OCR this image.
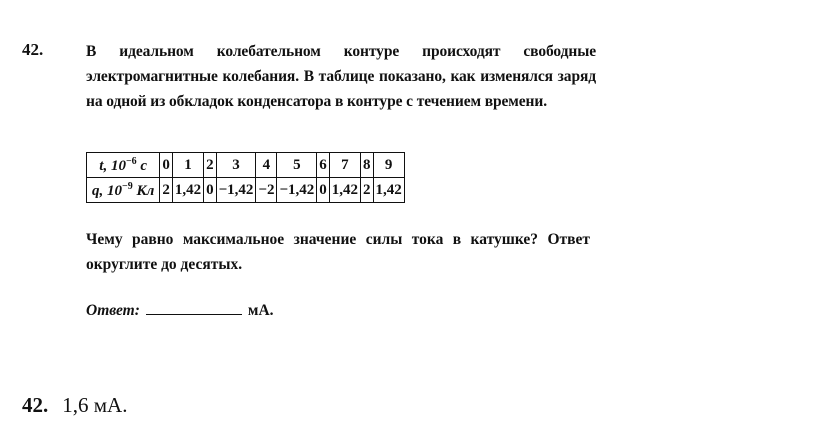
42.	В идеальном колебательном контуре происходят свободные электромагнитные колебания. В таблице показано, как изменялся заряд на одной из обкладок конденсатора в контуре с течением времени.
t, $10^{-6}$ с	0	1	2	3	4	5	6	7	8	9
q, $10^{-9}$ Кл	2	1,42	0	−1,42	−2	−1,42	0	1,42	2	1,42
Чему равно максимальное значение силы тока в катушке? Ответ округлите до десятых.
Ответ:	мА.
42. 1,6 мА.
